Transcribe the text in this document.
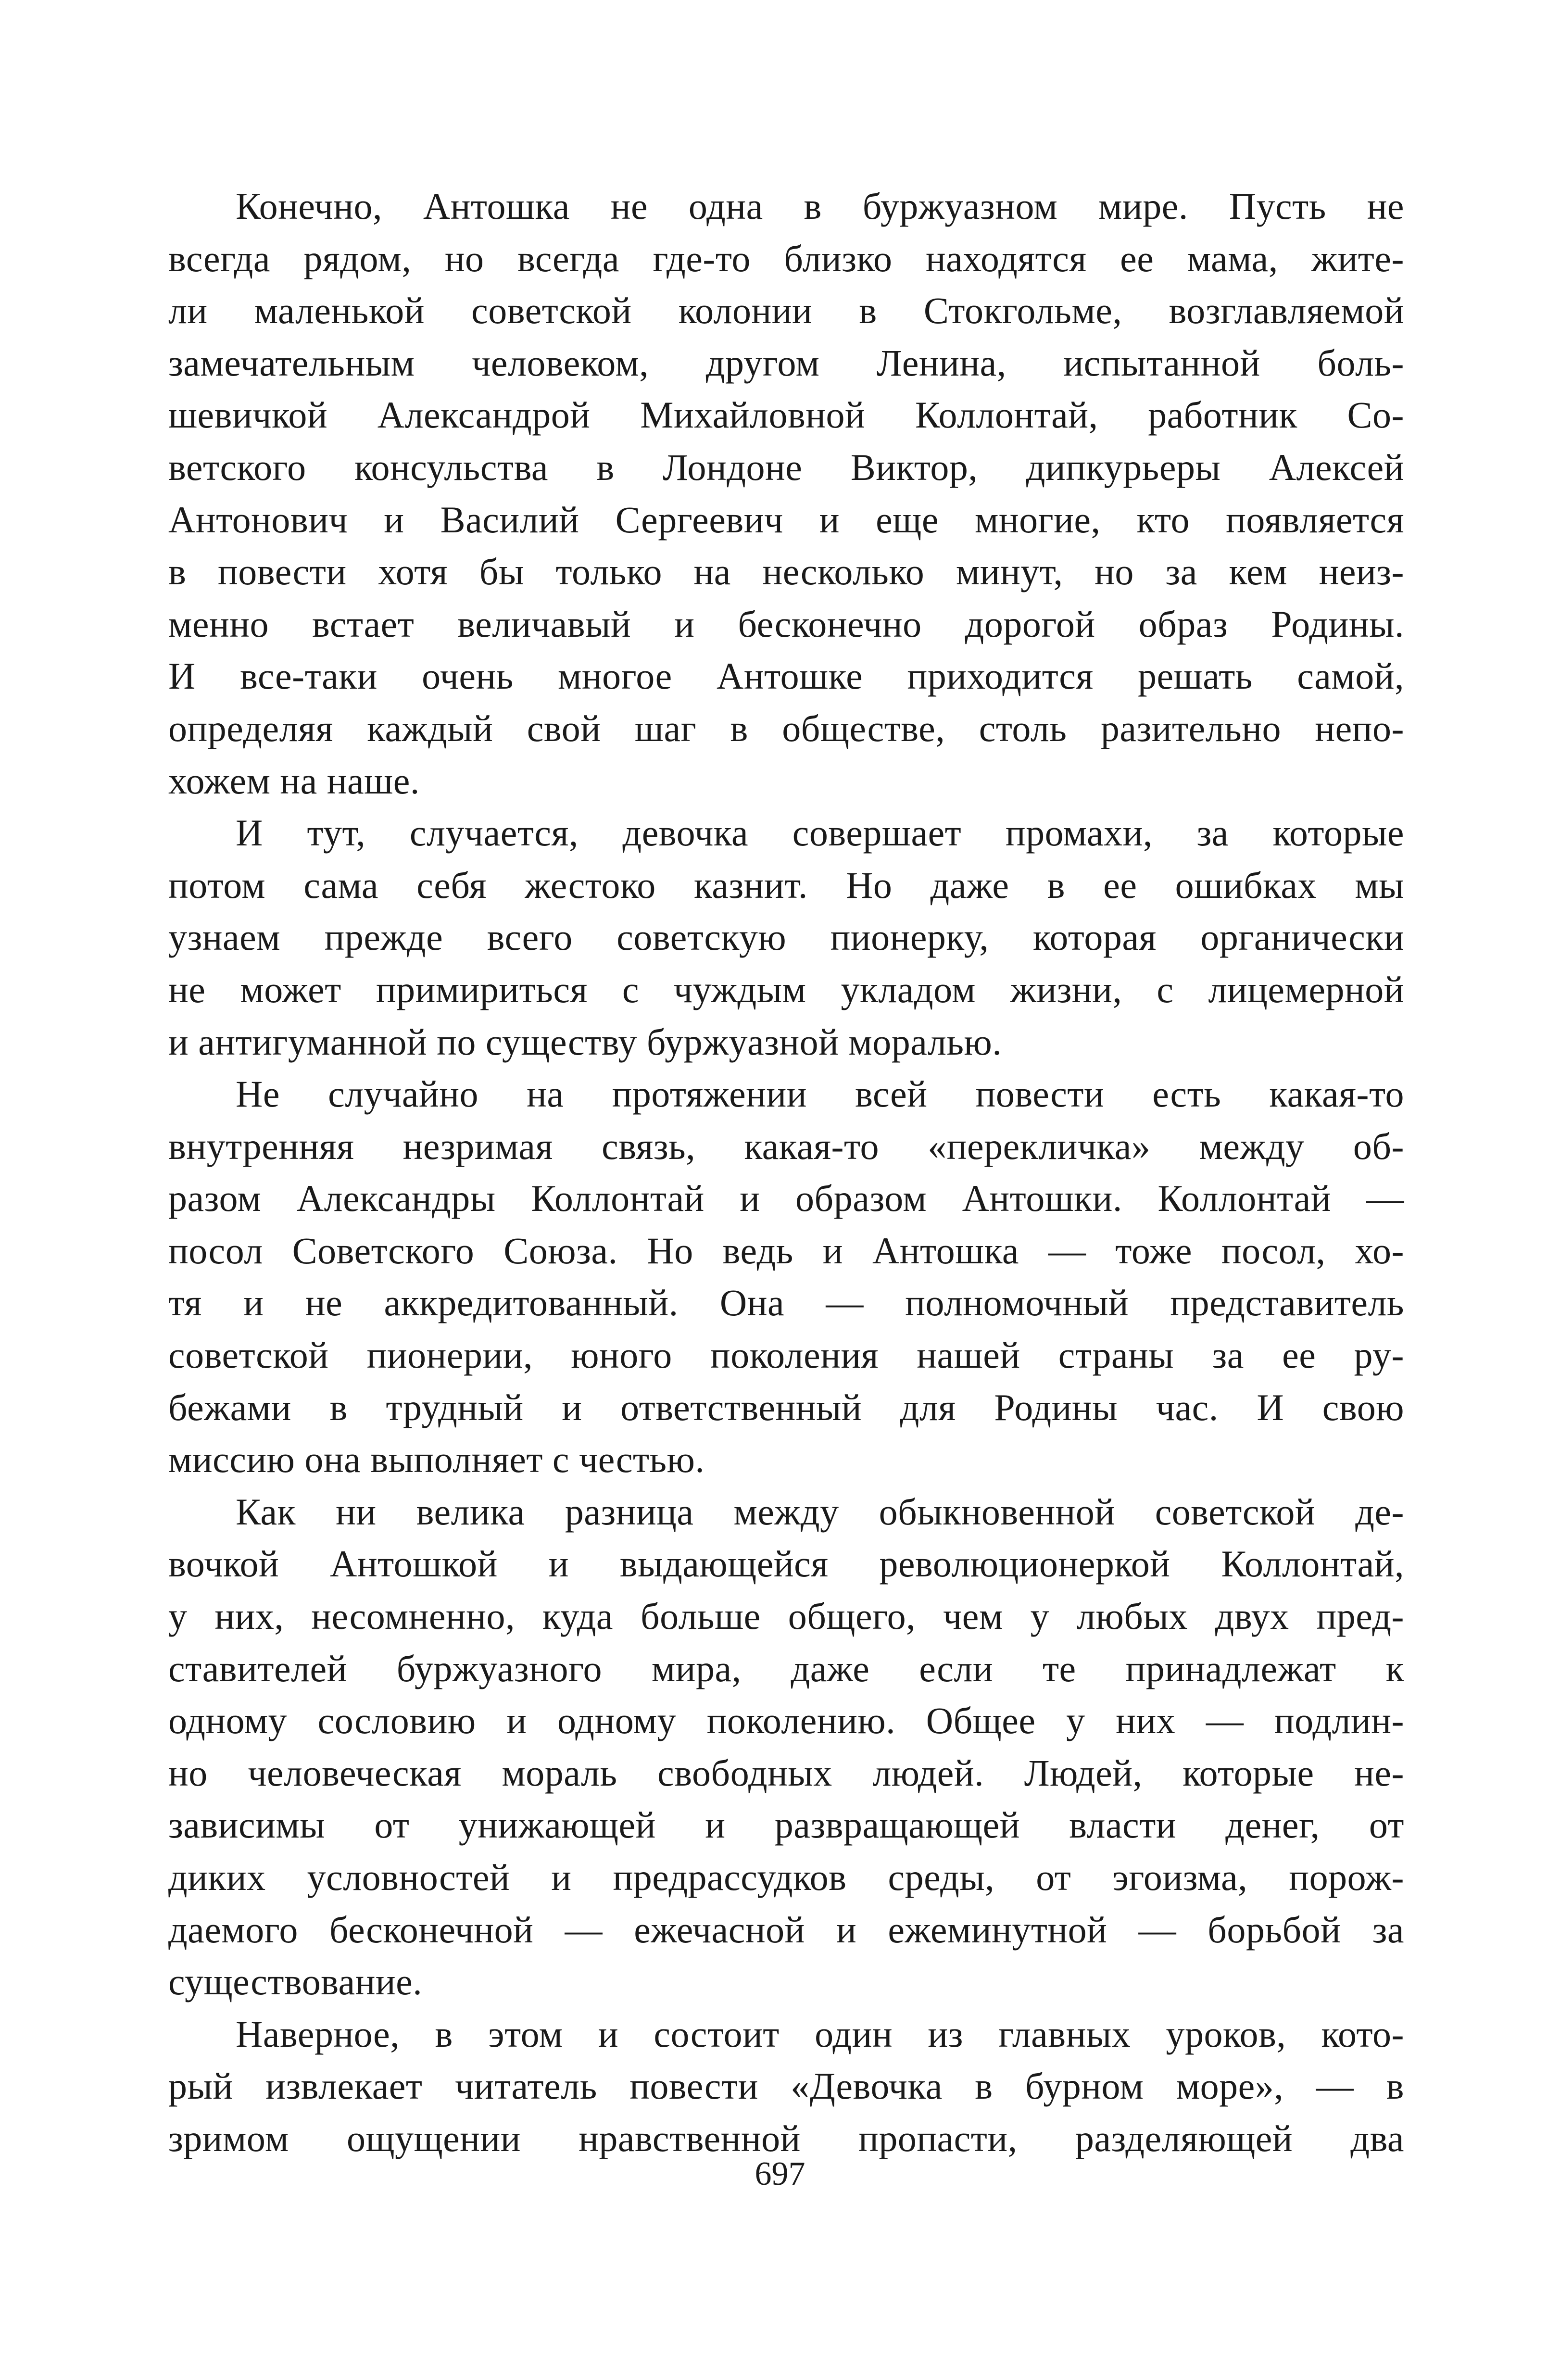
Конечно, Антошка не одна в буржуазном мире. Пусть не
всегда рядом, но всегда где-то близко находятся ее мама, жите-
ли маленькой советской колонии в Стокгольме, возглавляемой
замечательным человеком, другом Ленина, испытанной боль-
шевичкой Александрой Михайловной Коллонтай, работник Со-
ветского консульства в Лондоне Виктор, дипкурьеры Алексей
Антонович и Василий Сергеевич и еще многие, кто появляется
в повести хотя бы только на несколько минут, но за кем неиз-
менно встает величавый и бесконечно дорогой образ Родины.
И все-таки очень многое Антошке приходится решать самой,
определяя каждый свой шаг в обществе, столь разительно непо-
хожем на наше.
И тут, случается, девочка совершает промахи, за которые
потом сама себя жестоко казнит. Но даже в ее ошибках мы
узнаем прежде всего советскую пионерку, которая органически
не может примириться с чуждым укладом жизни, с лицемерной
и антигуманной по существу буржуазной моралью.
Не случайно на протяжении всей повести есть какая-то
внутренняя незримая связь, какая-то «перекличка» между об-
разом Александры Коллонтай и образом Антошки. Коллонтай —
посол Советского Союза. Но ведь и Антошка — тоже посол, хо-
тя и не аккредитованный. Она — полномочный представитель
советской пионерии, юного поколения нашей страны за ее ру-
бежами в трудный и ответственный для Родины час. И свою
миссию она выполняет с честью.
Как ни велика разница между обыкновенной советской де-
вочкой Антошкой и выдающейся революционеркой Коллонтай,
у них, несомненно, куда больше общего, чем у любых двух пред-
ставителей буржуазного мира, даже если те принадлежат к
одному сословию и одному поколению. Общее у них — подлин-
но человеческая мораль свободных людей. Людей, которые не-
зависимы от унижающей и развращающей власти денег, от
диких условностей и предрассудков среды, от эгоизма, порож-
даемого бесконечной — ежечасной и ежеминутной — борьбой за
существование.
Наверное, в этом и состоит один из главных уроков, кото-
рый извлекает читатель повести «Девочка в бурном море», — в
зримом ощущении нравственной пропасти, разделяющей два
697
